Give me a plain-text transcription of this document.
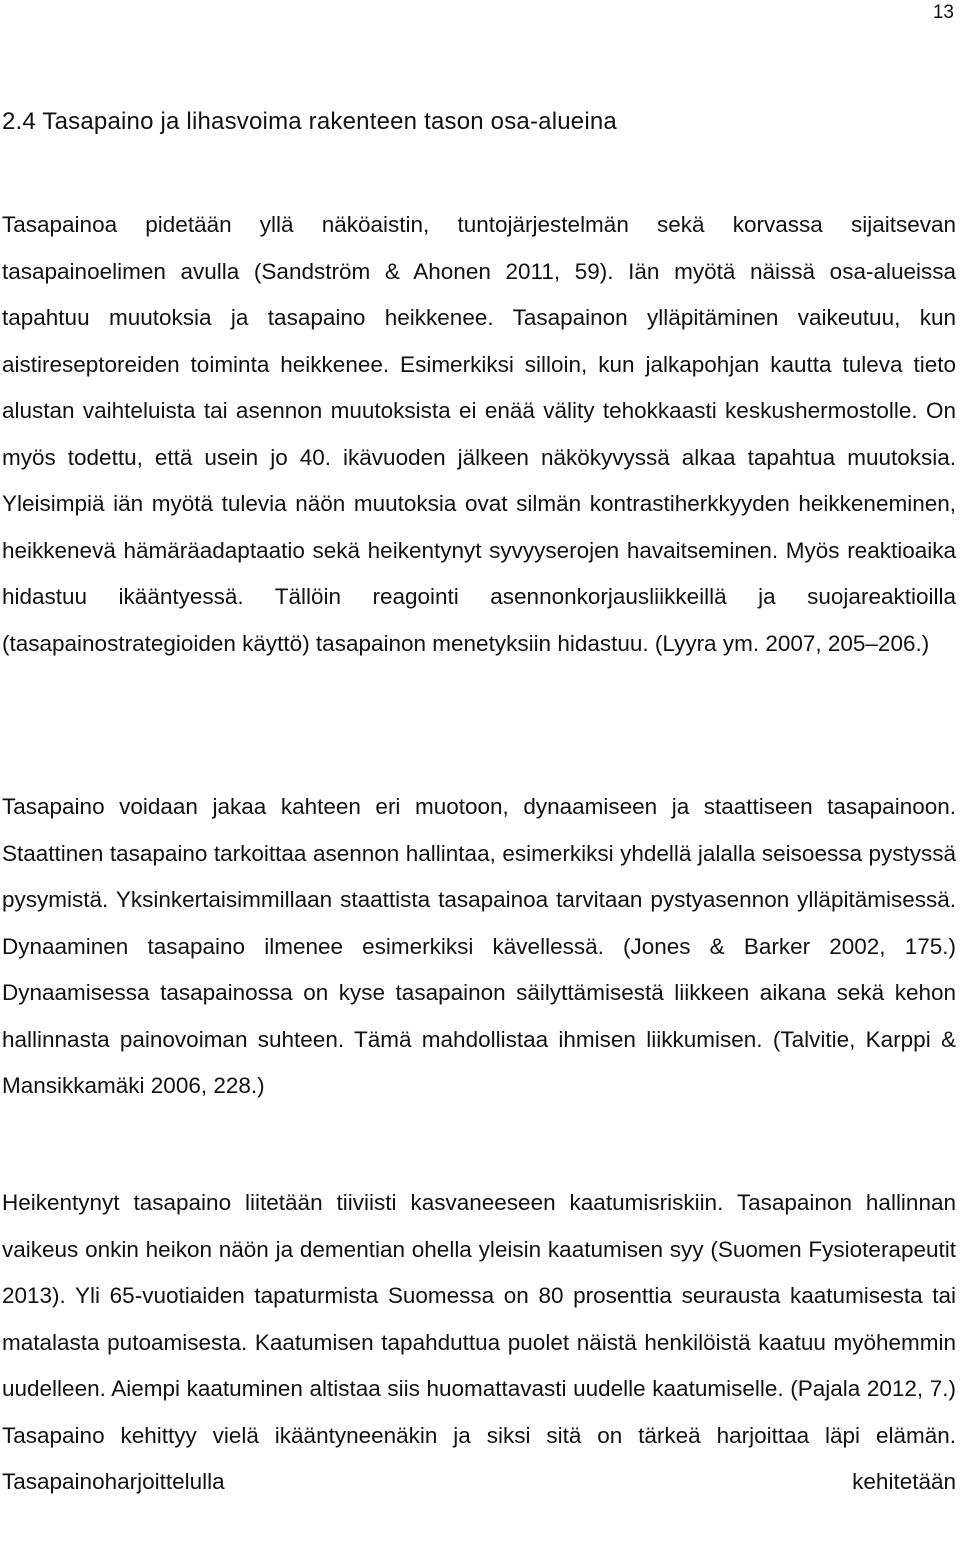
13
2.4 Tasapaino ja lihasvoima rakenteen tason osa-alueina

Tasapainoa pidetään yllä näköaistin, tuntojärjestelmän sekä korvassa sijaitsevan tasapainoelimen avulla (Sandström & Ahonen 2011, 59). Iän myötä näissä osa-alueissa tapahtuu muutoksia ja tasapaino heikkenee. Tasapainon ylläpitäminen vaikeutuu, kun aistireseptoreiden toiminta heikkenee. Esimerkiksi silloin, kun jalkapohjan kautta tuleva tieto alustan vaihteluista tai asennon muutoksista ei enää välity tehokkaasti keskushermostolle. On myös todettu, että usein jo 40. ikävuoden jälkeen näkökyvyssä alkaa tapahtua muutoksia. Yleisimpiä iän myötä tulevia näön muutoksia ovat silmän kontrastiherkkyyden heikkeneminen, heikkenevä hämäräadaptaatio sekä heikentynyt syvyyserojen havaitseminen. Myös reaktioaika hidastuu ikääntyessä. Tällöin reagointi asennonkorjausliikkeillä ja suojareaktioilla (tasapainostrategioiden käyttö) tasapainon menetyksiin hidastuu. (Lyyra ym. 2007, 205–206.)

Tasapaino voidaan jakaa kahteen eri muotoon, dynaamiseen ja staattiseen tasapainoon. Staattinen tasapaino tarkoittaa asennon hallintaa, esimerkiksi yhdellä jalalla seisoessa pystyssä pysymistä. Yksinkertaisimmillaan staattista tasapainoa tarvitaan pystyasennon ylläpitämisessä. Dynaaminen tasapaino ilmenee esimerkiksi kävellessä. (Jones & Barker 2002, 175.) Dynaamisessa tasapainossa on kyse tasapainon säilyttämisestä liikkeen aikana sekä kehon hallinnasta painovoiman suhteen. Tämä mahdollistaa ihmisen liikkumisen. (Talvitie, Karppi & Mansikkamäki 2006, 228.)

Heikentynyt tasapaino liitetään tiiviisti kasvaneeseen kaatumisriskiin. Tasapainon hallinnan vaikeus onkin heikon näön ja dementian ohella yleisin kaatumisen syy (Suomen Fysioterapeutit 2013). Yli 65-vuotiaiden tapaturmista Suomessa on 80 prosenttia seurausta kaatumisesta tai matalasta putoamisesta. Kaatumisen tapahduttua puolet näistä henkilöistä kaatuu myöhemmin uudelleen. Aiempi kaatuminen altistaa siis huomattavasti uudelle kaatumiselle. (Pajala 2012, 7.) Tasapaino kehittyy vielä ikääntyneenäkin ja siksi sitä on tärkeä harjoittaa läpi elämän. Tasapainoharjoittelulla kehitetään
